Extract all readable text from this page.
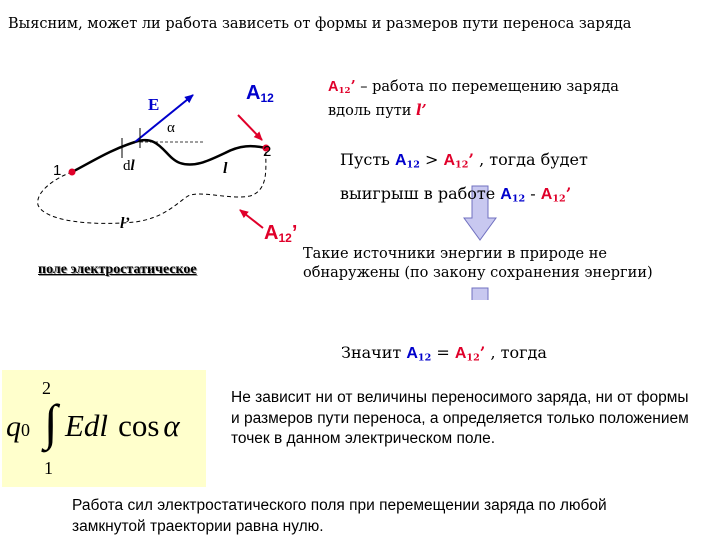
Выясним, может ли работа зависеть от формы и размеров пути переноса заряда
E
α
$A_{12}$
$A_{12}$’
1
2
dl	l
l’
поле электростатическое
$A_{12}$’ – работа по перемещению заряда вдоль пути l’
Пусть $A_{12} > A_{12}$’ , тогда будет
выигрыш в работе $A_{12} - A_{12}$’
Такие источники энергии в природе не обнаружены (по закону сохранения энергии)
Значит $A_{12} = A_{12}$’ , тогда
2
1
q0 ∫ Edl cos α
Не зависит ни от величины переносимого заряда, ни от формы и размеров пути переноса, а определяется только положением точек в данном электрическом поле.
Работа сил электростатического поля при перемещении заряда по любой замкнутой траектории равна нулю.
